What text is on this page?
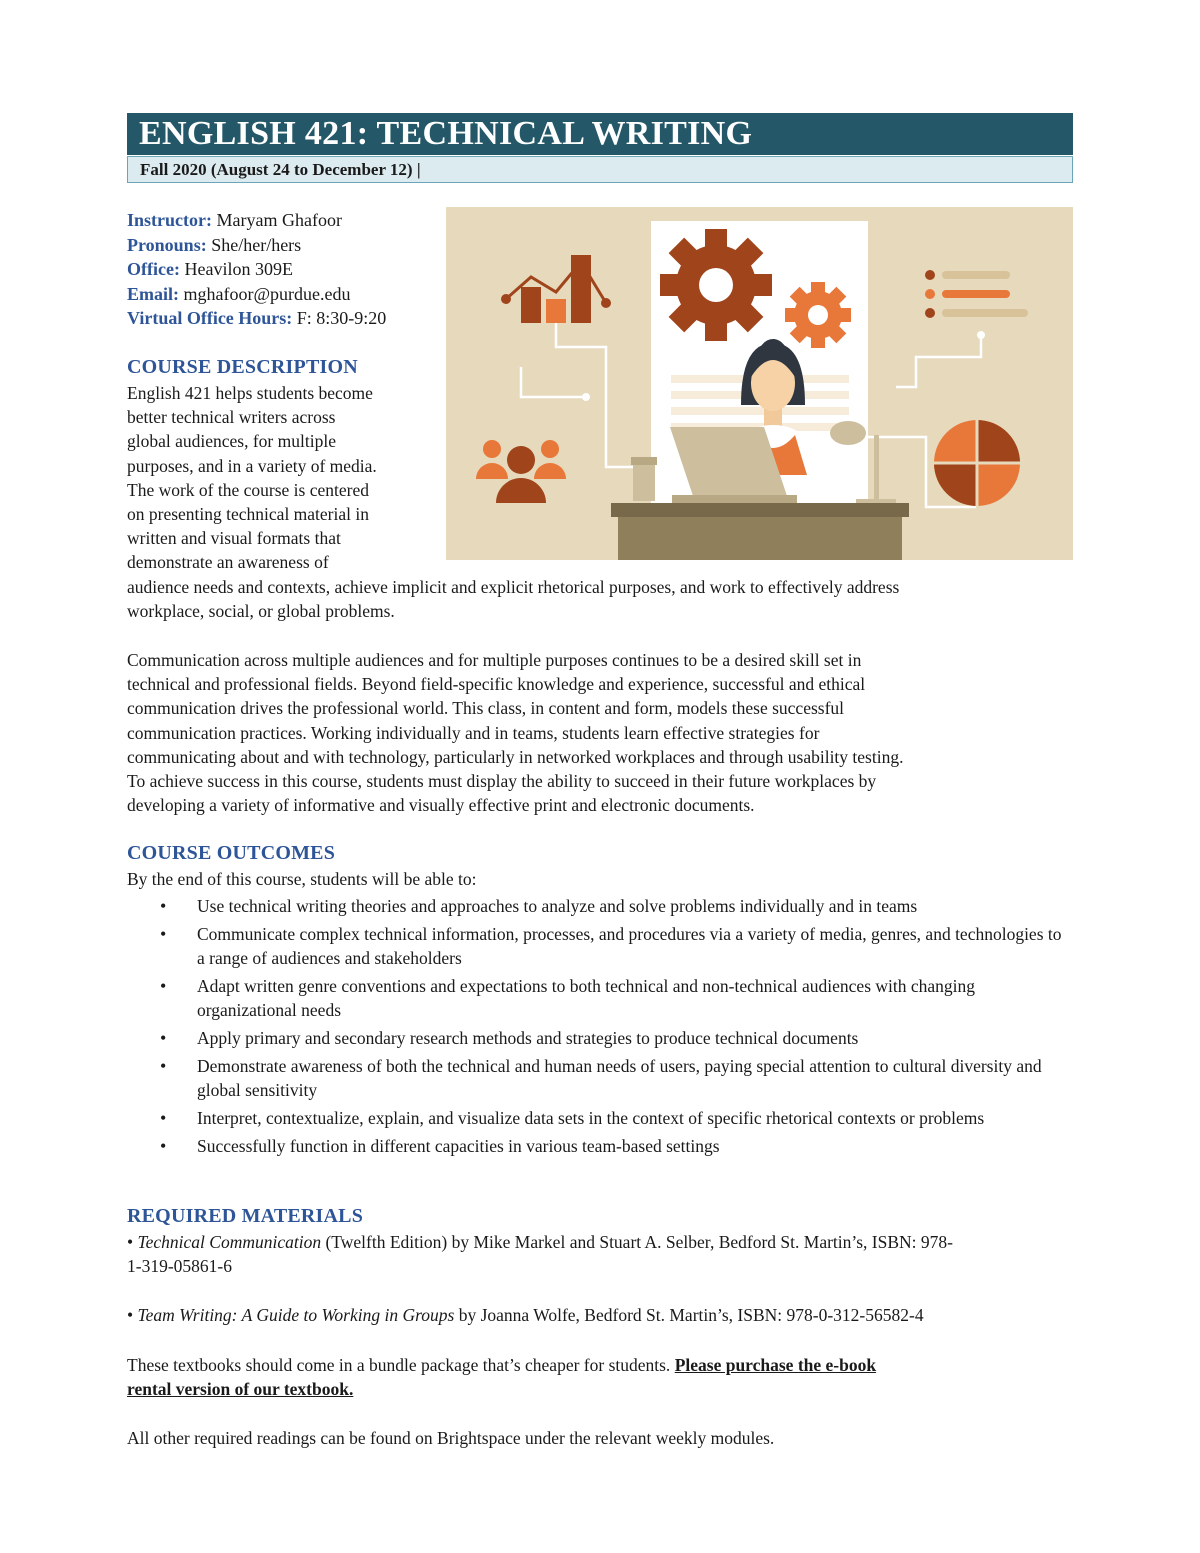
ENGLISH 421: TECHNICAL WRITING
Fall 2020 (August 24 to December 12) |
Instructor: Maryam Ghafoor
Pronouns: She/her/hers
Office: Heavilon 309E
Email: mghafoor@purdue.edu
Virtual Office Hours: F: 8:30-9:20
COURSE DESCRIPTION
English 421 helps students become
better technical writers across
global audiences, for multiple
purposes, and in a variety of media.
The work of the course is centered
on presenting technical material in
written and visual formats that
demonstrate an awareness of
audience needs and contexts, achieve implicit and explicit rhetorical purposes, and work to effectively address
workplace, social, or global problems.
Communication across multiple audiences and for multiple purposes continues to be a desired skill set in
technical and professional fields. Beyond field-specific knowledge and experience, successful and ethical
communication drives the professional world. This class, in content and form, models these successful
communication practices. Working individually and in teams, students learn effective strategies for
communicating about and with technology, particularly in networked workplaces and through usability testing.
To achieve success in this course, students must display the ability to succeed in their future workplaces by
developing a variety of informative and visually effective print and electronic documents.
COURSE OUTCOMES
By the end of this course, students will be able to:
• Use technical writing theories and approaches to analyze and solve problems individually and in teams
• Communicate complex technical information, processes, and procedures via a variety of media, genres, and technologies to a range of audiences and stakeholders
• Adapt written genre conventions and expectations to both technical and non-technical audiences with changing organizational needs
• Apply primary and secondary research methods and strategies to produce technical documents
• Demonstrate awareness of both the technical and human needs of users, paying special attention to cultural diversity and global sensitivity
• Interpret, contextualize, explain, and visualize data sets in the context of specific rhetorical contexts or problems
• Successfully function in different capacities in various team-based settings
REQUIRED MATERIALS
• Technical Communication (Twelfth Edition) by Mike Markel and Stuart A. Selber, Bedford St. Martin’s, ISBN: 978-
1-319-05861-6
• Team Writing: A Guide to Working in Groups by Joanna Wolfe, Bedford St. Martin’s, ISBN: 978-0-312-56582-4
These textbooks should come in a bundle package that’s cheaper for students. Please purchase the e-book
rental version of our textbook.
All other required readings can be found on Brightspace under the relevant weekly modules.
